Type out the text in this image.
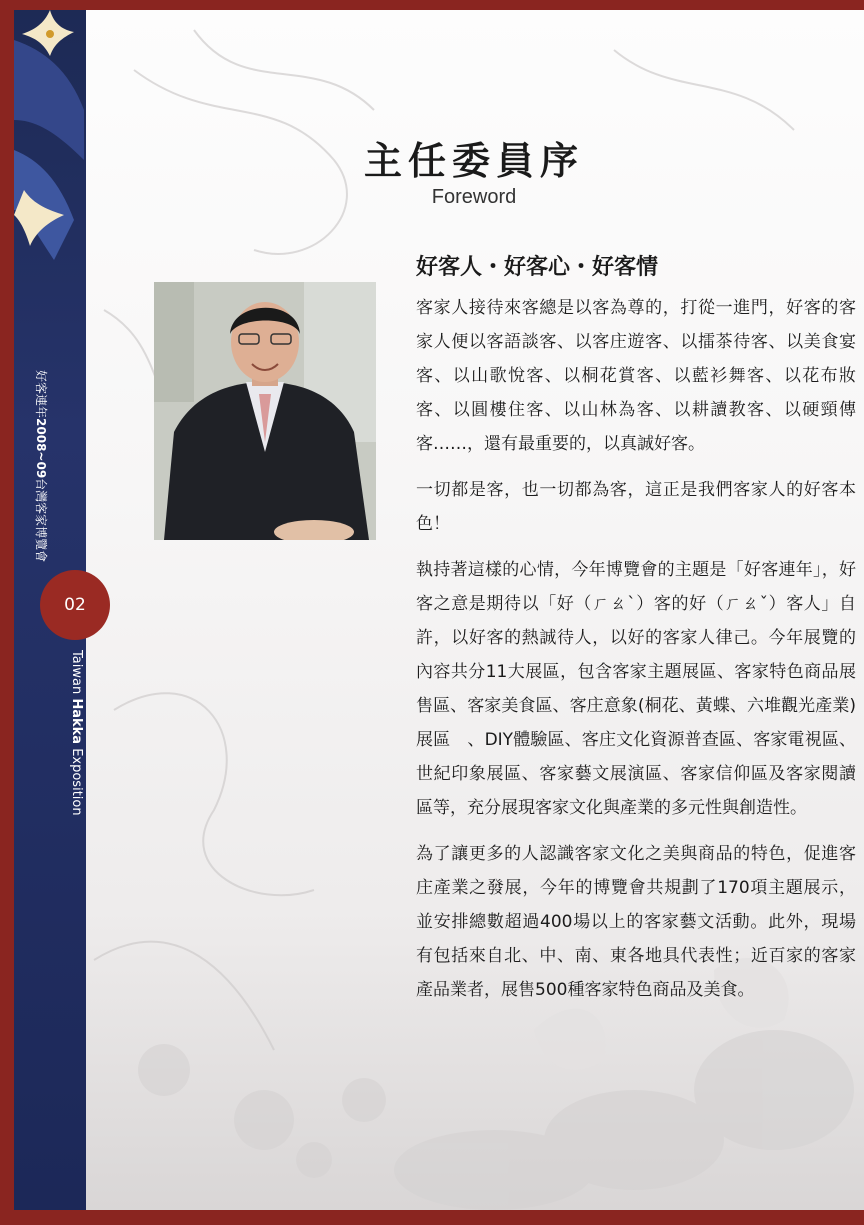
好客連年2008~09台灣客家博覽會
02
Taiwan Hakka Exposition
主任委員序
Foreword
好客人・好客心・好客情

客家人接待來客總是以客為尊的，打從一進門，好客的客家人便以客語談客、以客庄遊客、以擂茶待客、以美食宴客、以山歌悅客、以桐花賞客、以藍衫舞客、以花布妝客、以圓樓住客、以山林為客、以耕讀教客、以硬頸傳客……，還有最重要的，以真誠好客。

一切都是客，也一切都為客，這正是我們客家人的好客本色！

執持著這樣的心情，今年博覽會的主題是「好客連年」，好客之意是期待以「好（ㄏㄠˋ）客的好（ㄏㄠˇ）客人」自許，以好客的熱誠待人，以好的客家人律己。今年展覽的內容共分11大展區，包含客家主題展區、客家特色商品展售區、客家美食區、客庄意象(桐花、黃蝶、六堆觀光產業)展區　、DIY體驗區、客庄文化資源普查區、客家電視區、世紀印象展區、客家藝文展演區、客家信仰區及客家閱讀區等，充分展現客家文化與產業的多元性與創造性。

為了讓更多的人認識客家文化之美與商品的特色，促進客庄產業之發展，今年的博覽會共規劃了170項主題展示，並安排總數超過400場以上的客家藝文活動。此外，現場有包括來自北、中、南、東各地具代表性；近百家的客家產品業者，展售500種客家特色商品及美食。
